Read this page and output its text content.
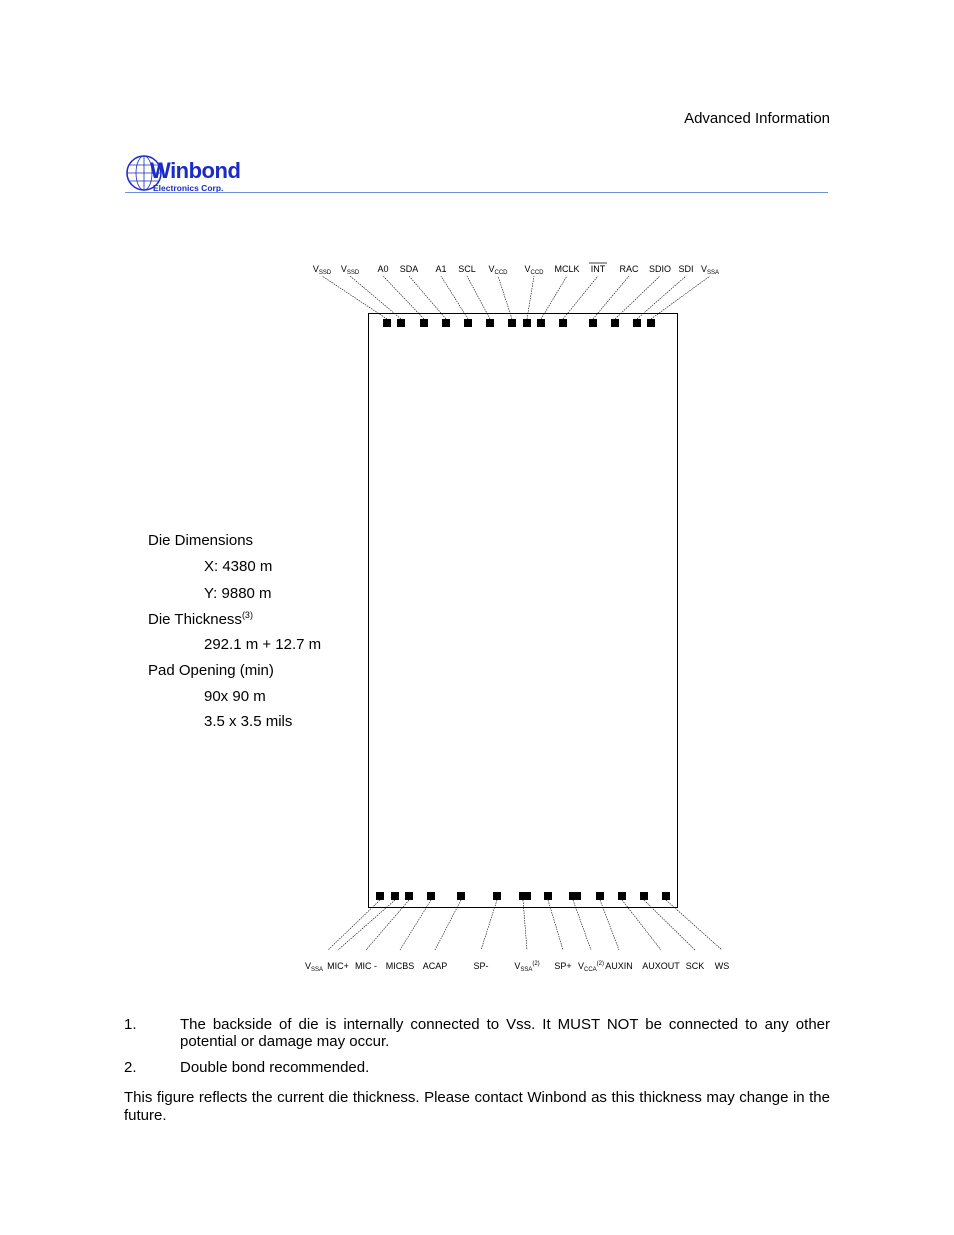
Advanced Information
Winbond
Electronics Corp.
$V_{SSD}$ $V_{SSD}$ A0 SDA A1 SCL $V_{CCD}$ $V_{CCD}$ MCLK INT RAC SDIO SDI $V_{SSA}$
$V_{SSA}$ MIC+ MIC - MICBS ACAP	SP-	$V_{SSA}^{(2)}$ $SP+ V_{CCA}^{(2)}$ AUXIN AUXOUT SCK WS
Die Dimensions
X: 4380 m
Y: 9880 m
Die Thickness$^{(3)}$
292.1 m + 12.7 m
Pad Opening (min)
90x 90 m
3.5 x 3.5 mils
1.	The backside of die is internally connected to Vss. It MUST NOT be connected to any other potential or damage may occur.
2.	Double bond recommended.
This figure reflects the current die thickness. Please contact Winbond as this thickness may change in the future.
